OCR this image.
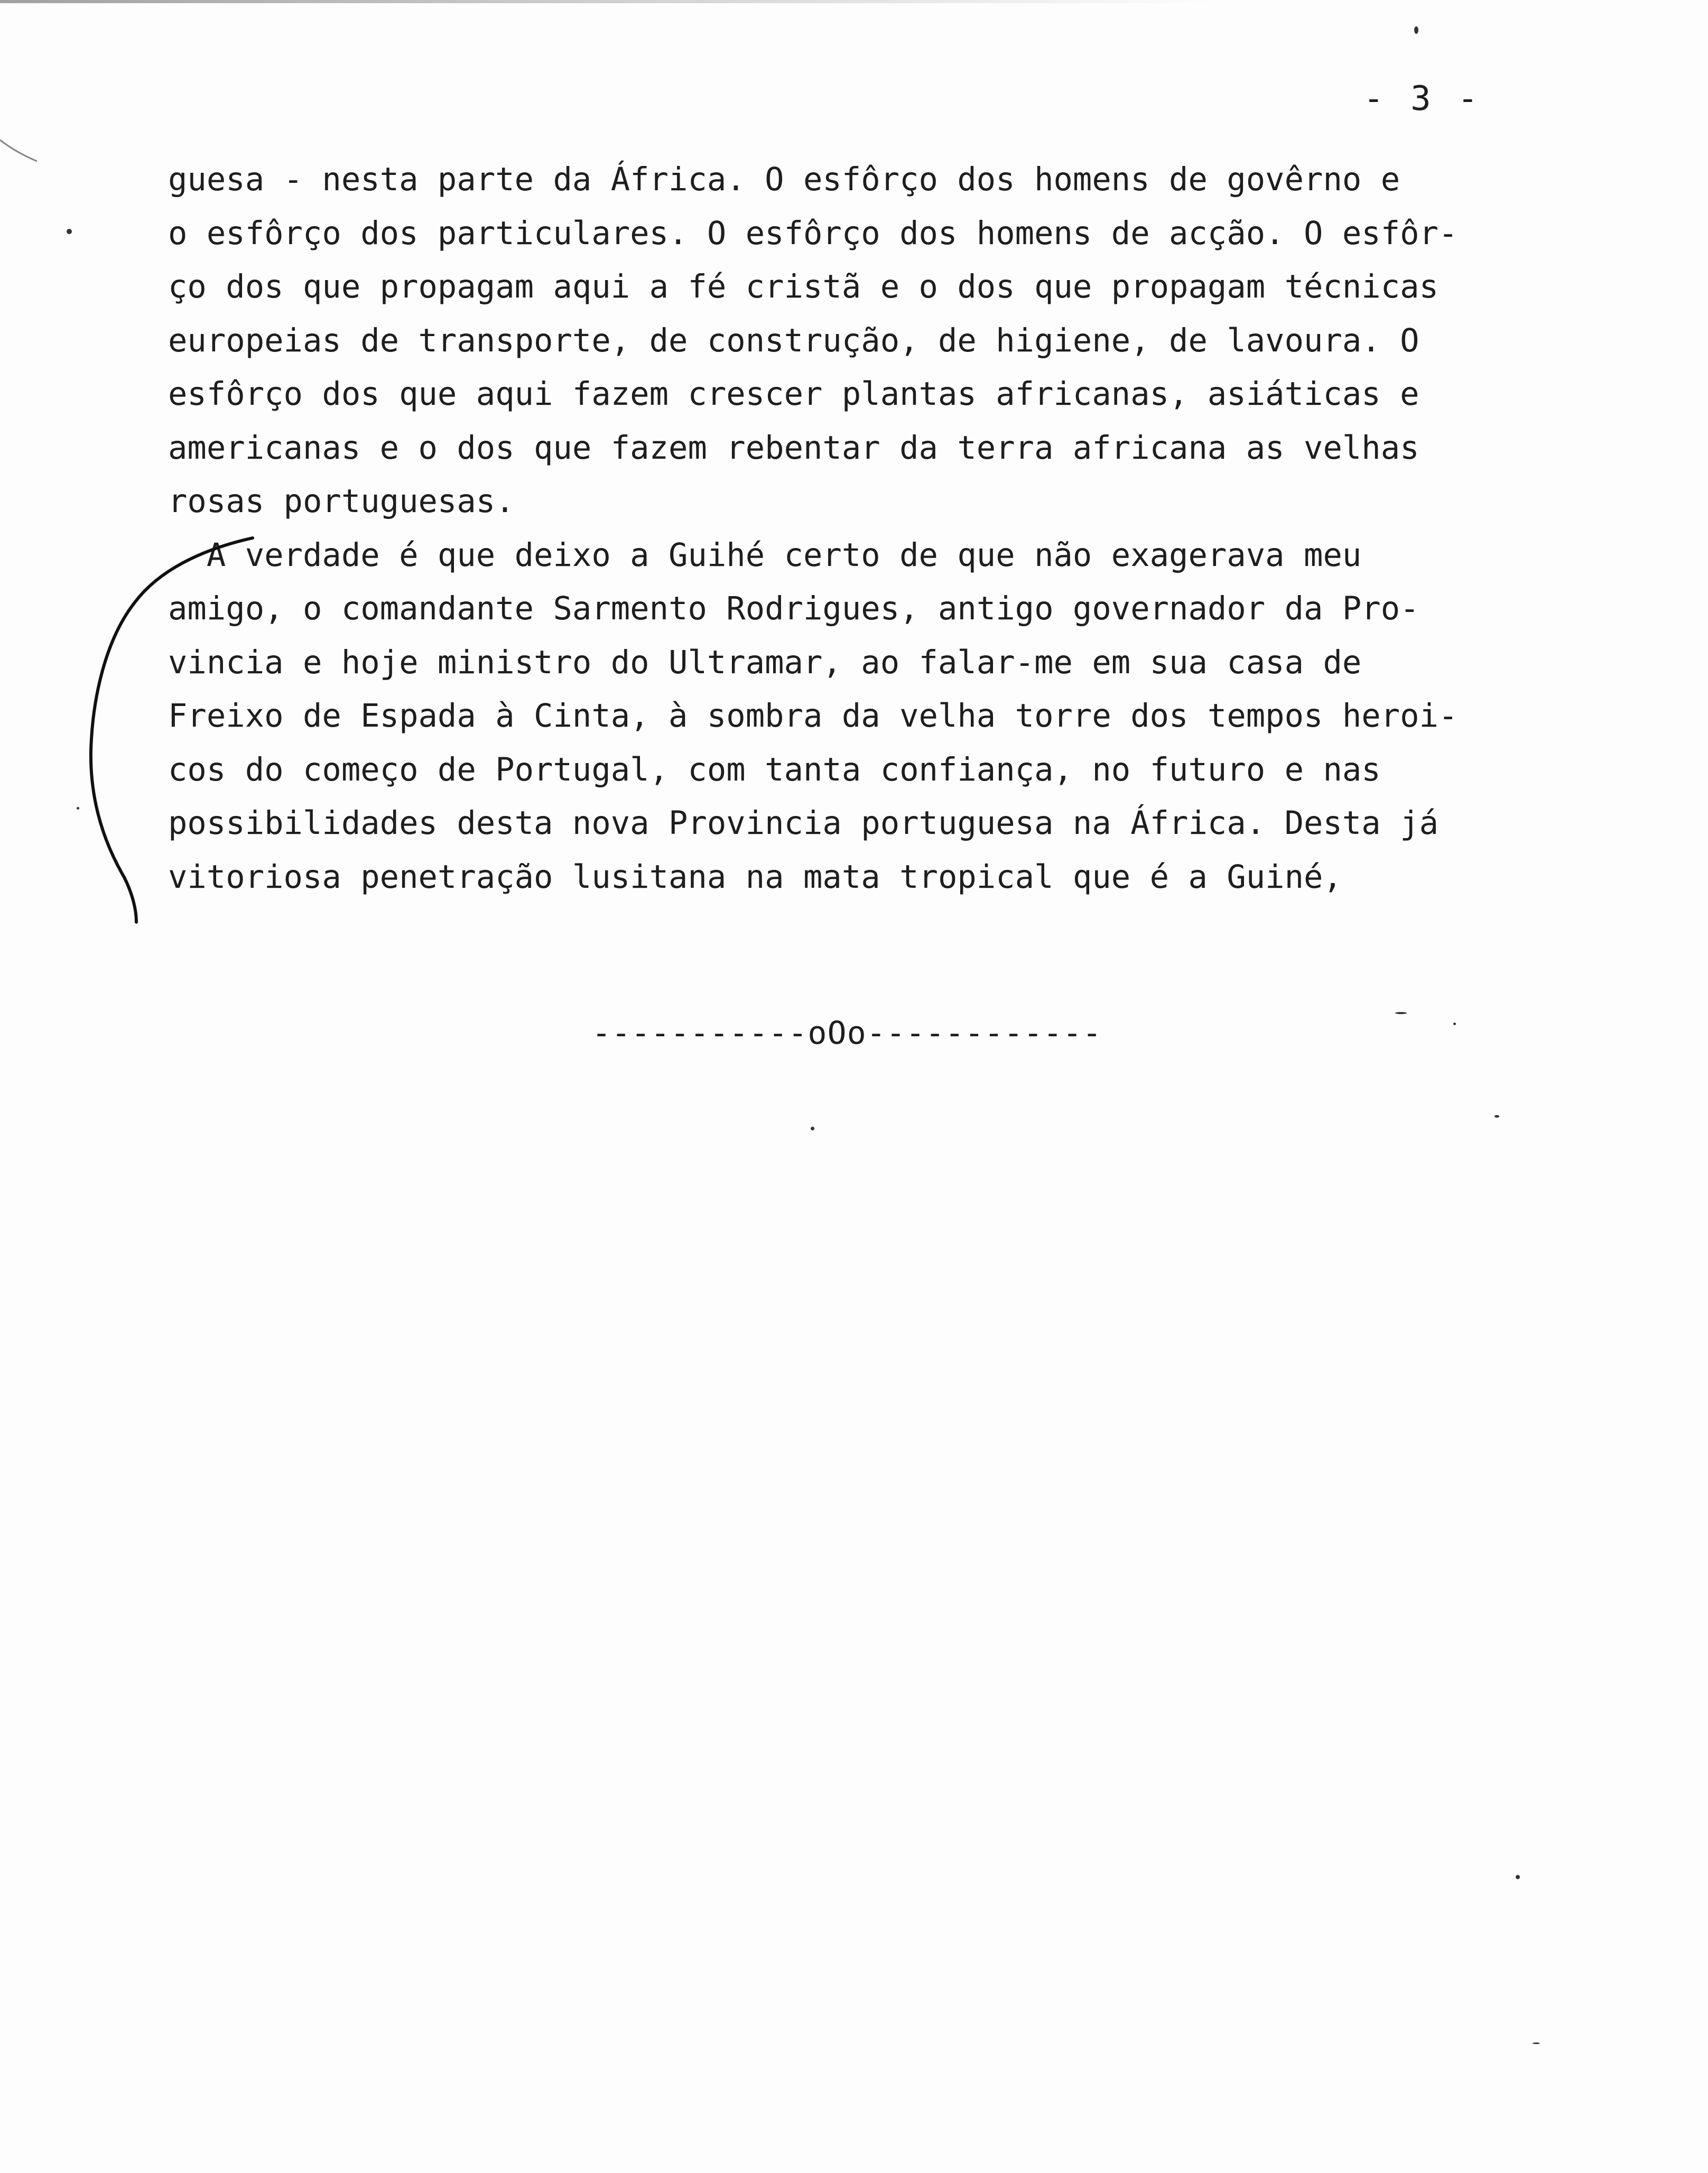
- 3 -
guesa - nesta parte da África. O esfôrço dos homens de govêrno e
o esfôrço dos particulares. O esfôrço dos homens de acção. O esfôr-
ço dos que propagam aqui a fé cristã e o dos que propagam técnicas
europeias de transporte, de construção, de higiene, de lavoura. O
esfôrço dos que aqui fazem crescer plantas africanas, asiáticas e
americanas e o dos que fazem rebentar da terra africana as velhas
rosas portuguesas.
A verdade é que deixo a Guihé certo de que não exagerava meu
amigo, o comandante Sarmento Rodrigues, antigo governador da Pro-
vincia e hoje ministro do Ultramar, ao falar-me em sua casa de
Freixo de Espada à Cinta, à sombra da velha torre dos tempos heroi-
cos do começo de Portugal, com tanta confiança, no futuro e nas
possibilidades desta nova Provincia portuguesa na África. Desta já
vitoriosa penetração lusitana na mata tropical que é a Guiné,
-----------oOo------------
